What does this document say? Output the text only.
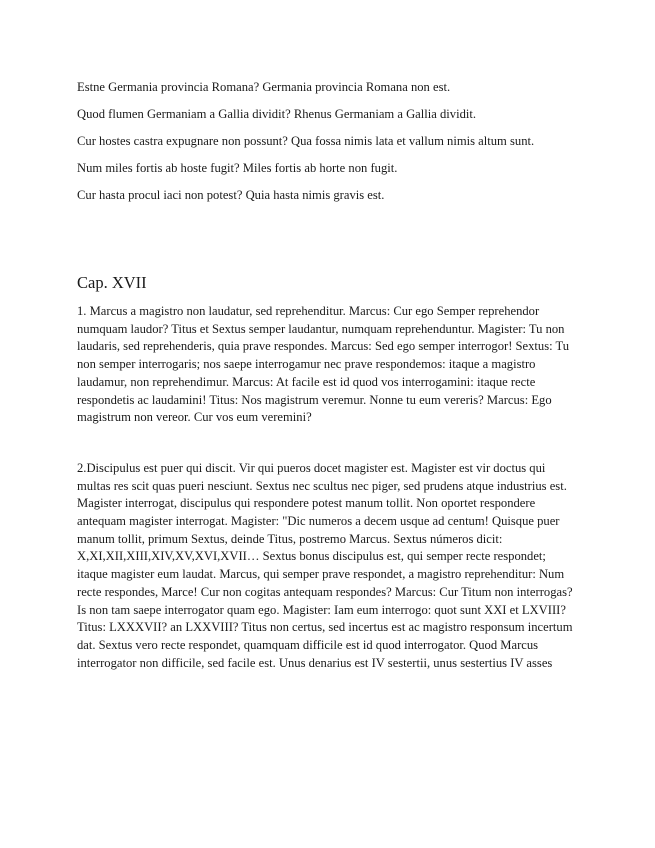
Estne Germania provincia Romana? Germania provincia Romana non est.

Quod flumen Germaniam a Gallia dividit? Rhenus Germaniam a Gallia dividit.

Cur hostes castra expugnare non possunt? Qua fossa nimis lata et vallum nimis altum sunt.

Num miles fortis ab hoste fugit? Miles fortis ab horte non fugit.

Cur hasta procul iaci non potest? Quia hasta nimis gravis est.

Cap. XVII

1. Marcus a magistro non laudatur, sed reprehenditur. Marcus: Cur ego Semper reprehendor numquam laudor? Titus et Sextus semper laudantur, numquam reprehenduntur. Magister: Tu non laudaris, sed reprehenderis, quia prave respondes. Marcus: Sed ego semper interrogor! Sextus: Tu non semper interrogaris; nos saepe interrogamur nec prave respondemos: itaque a magistro laudamur, non reprehendimur. Marcus: At facile est id quod vos interrogamini: itaque recte respondetis ac laudamini! Titus: Nos magistrum veremur. Nonne tu eum vereris? Marcus: Ego magistrum non vereor. Cur vos eum veremini?

2.Discipulus est puer qui discit. Vir qui pueros docet magister est. Magister est vir doctus qui multas res scit quas pueri nesciunt. Sextus nec scultus nec piger, sed prudens atque industrius est. Magister interrogat, discipulus qui respondere potest manum tollit. Non oportet respondere antequam magister interrogat. Magister: "Dic numeros a decem usque ad centum! Quisque puer manum tollit, primum Sextus, deinde Titus, postremo Marcus. Sextus números dicit: X,XI,XII,XIII,XIV,XV,XVI,XVII… Sextus bonus discipulus est, qui semper recte respondet; itaque magister eum laudat. Marcus, qui semper prave respondet, a magistro reprehenditur: Num recte respondes, Marce! Cur non cogitas antequam respondes? Marcus: Cur Titum non interrogas? Is non tam saepe interrogator quam ego. Magister: Iam eum interrogo: quot sunt XXI et LXVIII? Titus: LXXXVII? an LXXVIII? Titus non certus, sed incertus est ac magistro responsum incertum dat. Sextus vero recte respondet, quamquam difficile est id quod interrogator. Quod Marcus interrogator non difficile, sed facile est. Unus denarius est IV sestertii, unus sestertius IV asses
